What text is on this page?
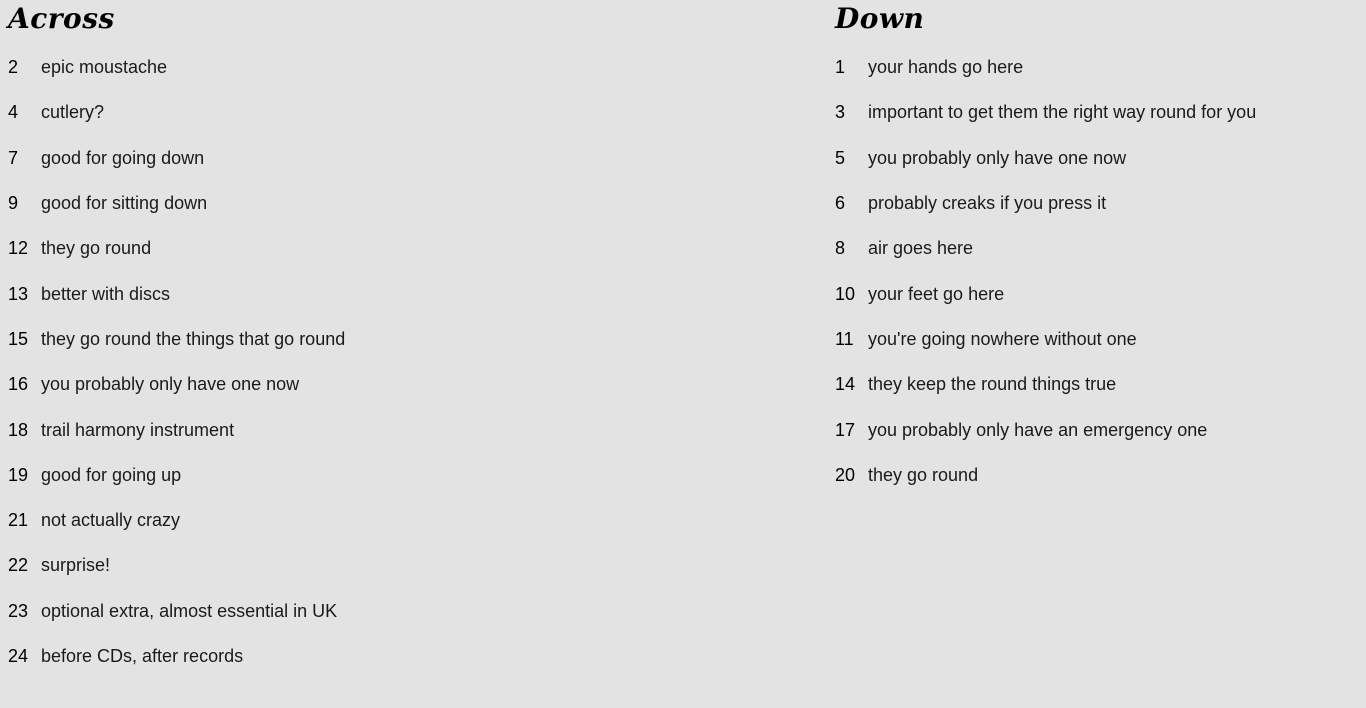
Across
2	epic moustache
4	cutlery?
7	good for going down
9	good for sitting down
12 they go round
13 better with discs
15 they go round the things that go round
16 you probably only have one now
18 trail harmony instrument
19 good for going up
21 not actually crazy
22 surprise!
23 optional extra, almost essential in UK
24 before CDs, after records
Down
1	your hands go here
3	important to get them the right way round for you
5	you probably only have one now
6	probably creaks if you press it
8	air goes here
10 your feet go here
11 you're going nowhere without one
14 they keep the round things true
17 you probably only have an emergency one
20 they go round
